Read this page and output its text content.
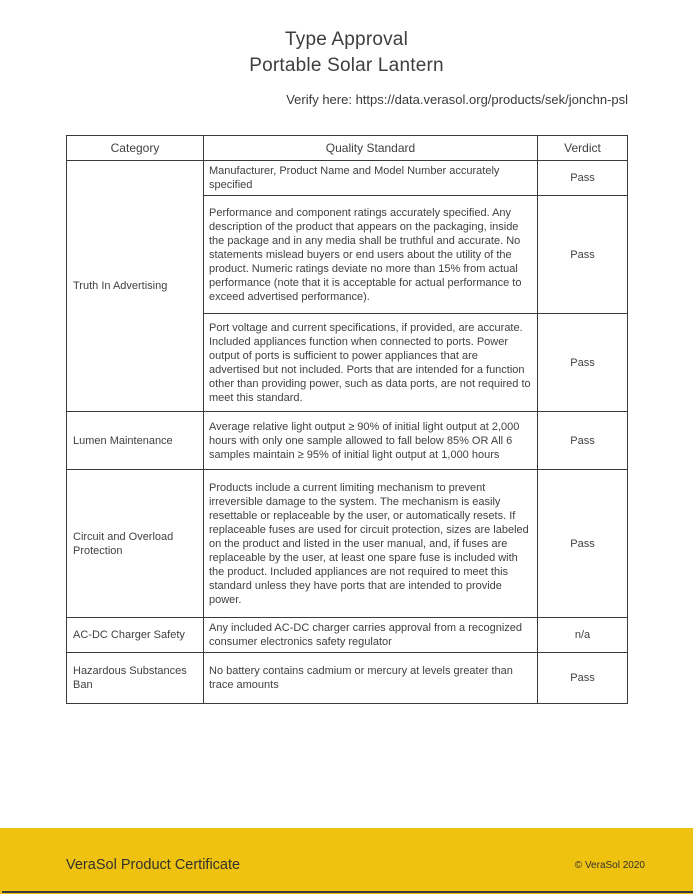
Type Approval
Portable Solar Lantern
Verify here: https://data.verasol.org/products/sek/jonchn-psl
Category	Quality Standard	Verdict
Truth In Advertising	Manufacturer, Product Name and Model Number accurately specified	Pass
	Performance and component ratings accurately specified. Any description of the product that appears on the packaging, inside the package and in any media shall be truthful and accurate. No statements mislead buyers or end users about the utility of the product. Numeric ratings deviate no more than 15% from actual performance (note that it is acceptable for actual performance to exceed advertised performance).	Pass
	Port voltage and current specifications, if provided, are accurate. Included appliances function when connected to ports. Power output of ports is sufficient to power appliances that are advertised but not included. Ports that are intended for a function other than providing power, such as data ports, are not required to meet this standard.	Pass
Lumen Maintenance	Average relative light output ≥ 90% of initial light output at 2,000 hours with only one sample allowed to fall below 85% OR All 6 samples maintain ≥ 95% of initial light output at 1,000 hours	Pass
Circuit and Overload Protection	Products include a current limiting mechanism to prevent irreversible damage to the system. The mechanism is easily resettable or replaceable by the user, or automatically resets. If replaceable fuses are used for circuit protection, sizes are labeled on the product and listed in the user manual, and, if fuses are replaceable by the user, at least one spare fuse is included with the product. Included appliances are not required to meet this standard unless they have ports that are intended to provide power.	Pass
AC-DC Charger Safety	Any included AC-DC charger carries approval from a recognized consumer electronics safety regulator	n/a
Hazardous Substances Ban	No battery contains cadmium or mercury at levels greater than trace amounts	Pass
VeraSol Product Certificate	© VeraSol 2020
